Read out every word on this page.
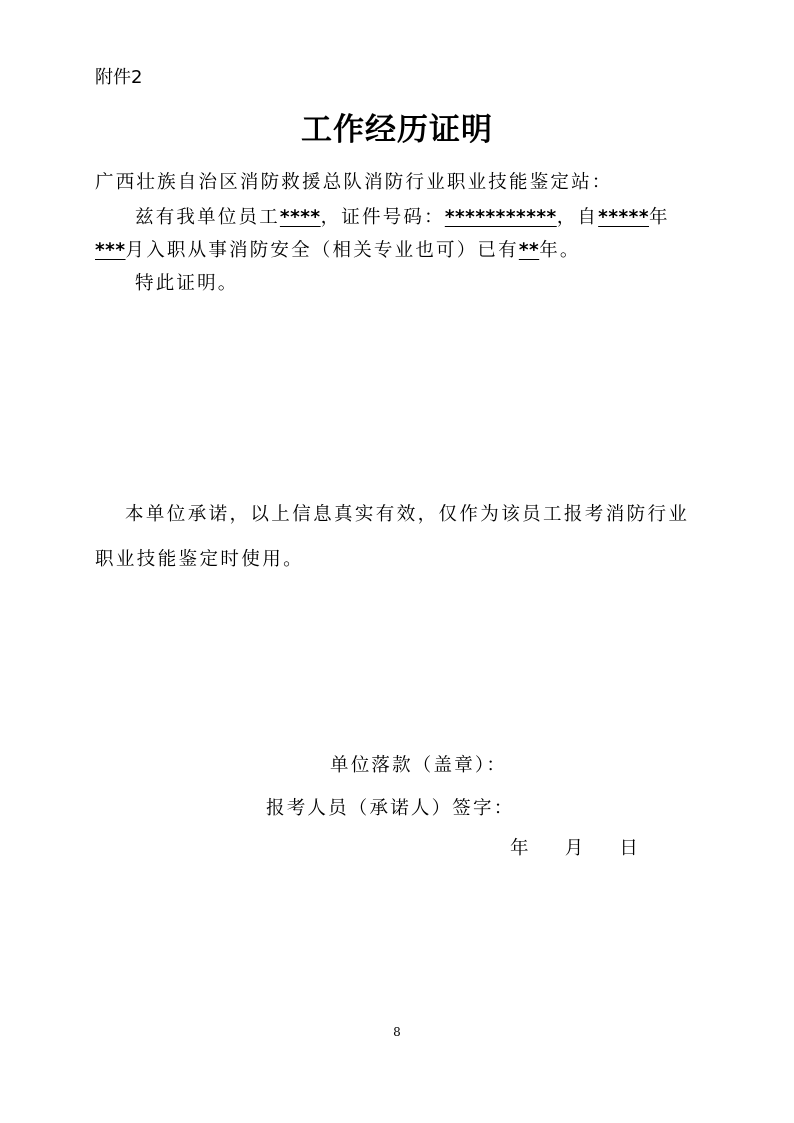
附件2
工作经历证明
广西壮族自治区消防救援总队消防行业职业技能鉴定站：
兹有我单位员工****，证件号码：***********，自*****年
***月入职从事消防安全（相关专业也可）已有**年。
特此证明。
本单位承诺，以上信息真实有效，仅作为该员工报考消防行业
职业技能鉴定时使用。
单位落款（盖章）：
报考人员（承诺人）签字：
年 月 日
8
